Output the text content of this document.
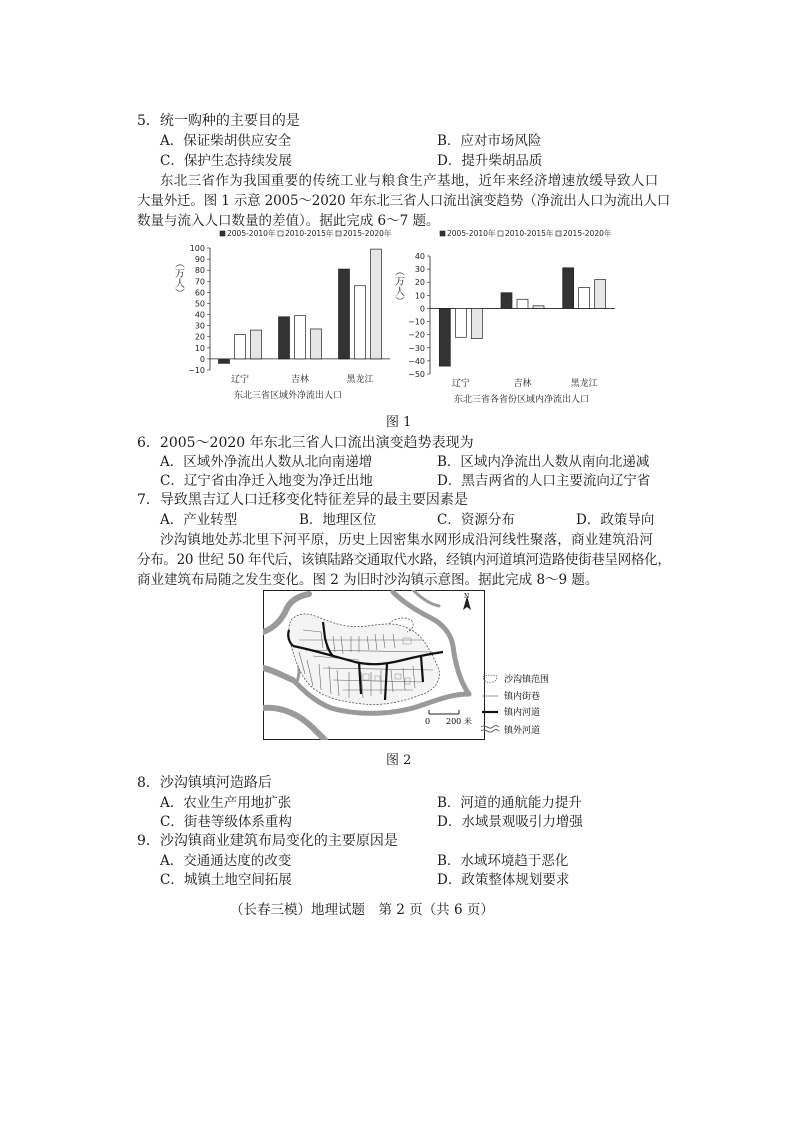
5．统一购种的主要目的是
A．保证柴胡供应安全	B．应对市场风险
C．保护生态持续发展	D．提升柴胡品质
东北三省作为我国重要的传统工业与粮食生产基地，近年来经济增速放缓导致人口
大量外迁。图 1 示意 2005～2020 年东北三省人口流出演变趋势（净流出人口为流出人口
数量与流入人口数量的差值）。据此完成 6～7 题。
2005-2010年 2010-2015年 2015-2020年
（万人）
100
90
80
70
60
50
40
30
20
10
0
−10
辽宁	吉林	黑龙江
东北三省区域外净流出人口
2005-2010年 2010-2015年 2015-2020年
（万人）
40
30
20
10
0
−10
−20
−30
−40
−50
辽宁	吉林	黑龙江
东北三省各省份区域内净流出人口
图 1
6．2005～2020 年东北三省人口流出演变趋势表现为
A．区域外净流出人数从北向南递增	B．区域内净流出人数从南向北递减
C．辽宁省由净迁入地变为净迁出地	D．黑吉两省的人口主要流向辽宁省
7．导致黑吉辽人口迁移变化特征差异的最主要因素是
A．产业转型	B．地理区位	C．资源分布	D．政策导向
沙沟镇地处苏北里下河平原，历史上因密集水网形成沿河线性聚落，商业建筑沿河
分布。20 世纪 50 年代后，该镇陆路交通取代水路，经镇内河道填河造路使街巷呈网格化，
商业建筑布局随之发生变化。图 2 为旧时沙沟镇示意图。据此完成 8～9 题。
N
0 200 米
沙沟镇范围
镇内街巷
镇内河道
镇外河道
图 2
8．沙沟镇填河造路后
A．农业生产用地扩张	B．河道的通航能力提升
C．街巷等级体系重构	D．水域景观吸引力增强
9．沙沟镇商业建筑布局变化的主要原因是
A．交通通达度的改变	B．水域环境趋于恶化
C．城镇土地空间拓展	D．政策整体规划要求
（长春三模）地理试题　第 2 页（共 6 页）
